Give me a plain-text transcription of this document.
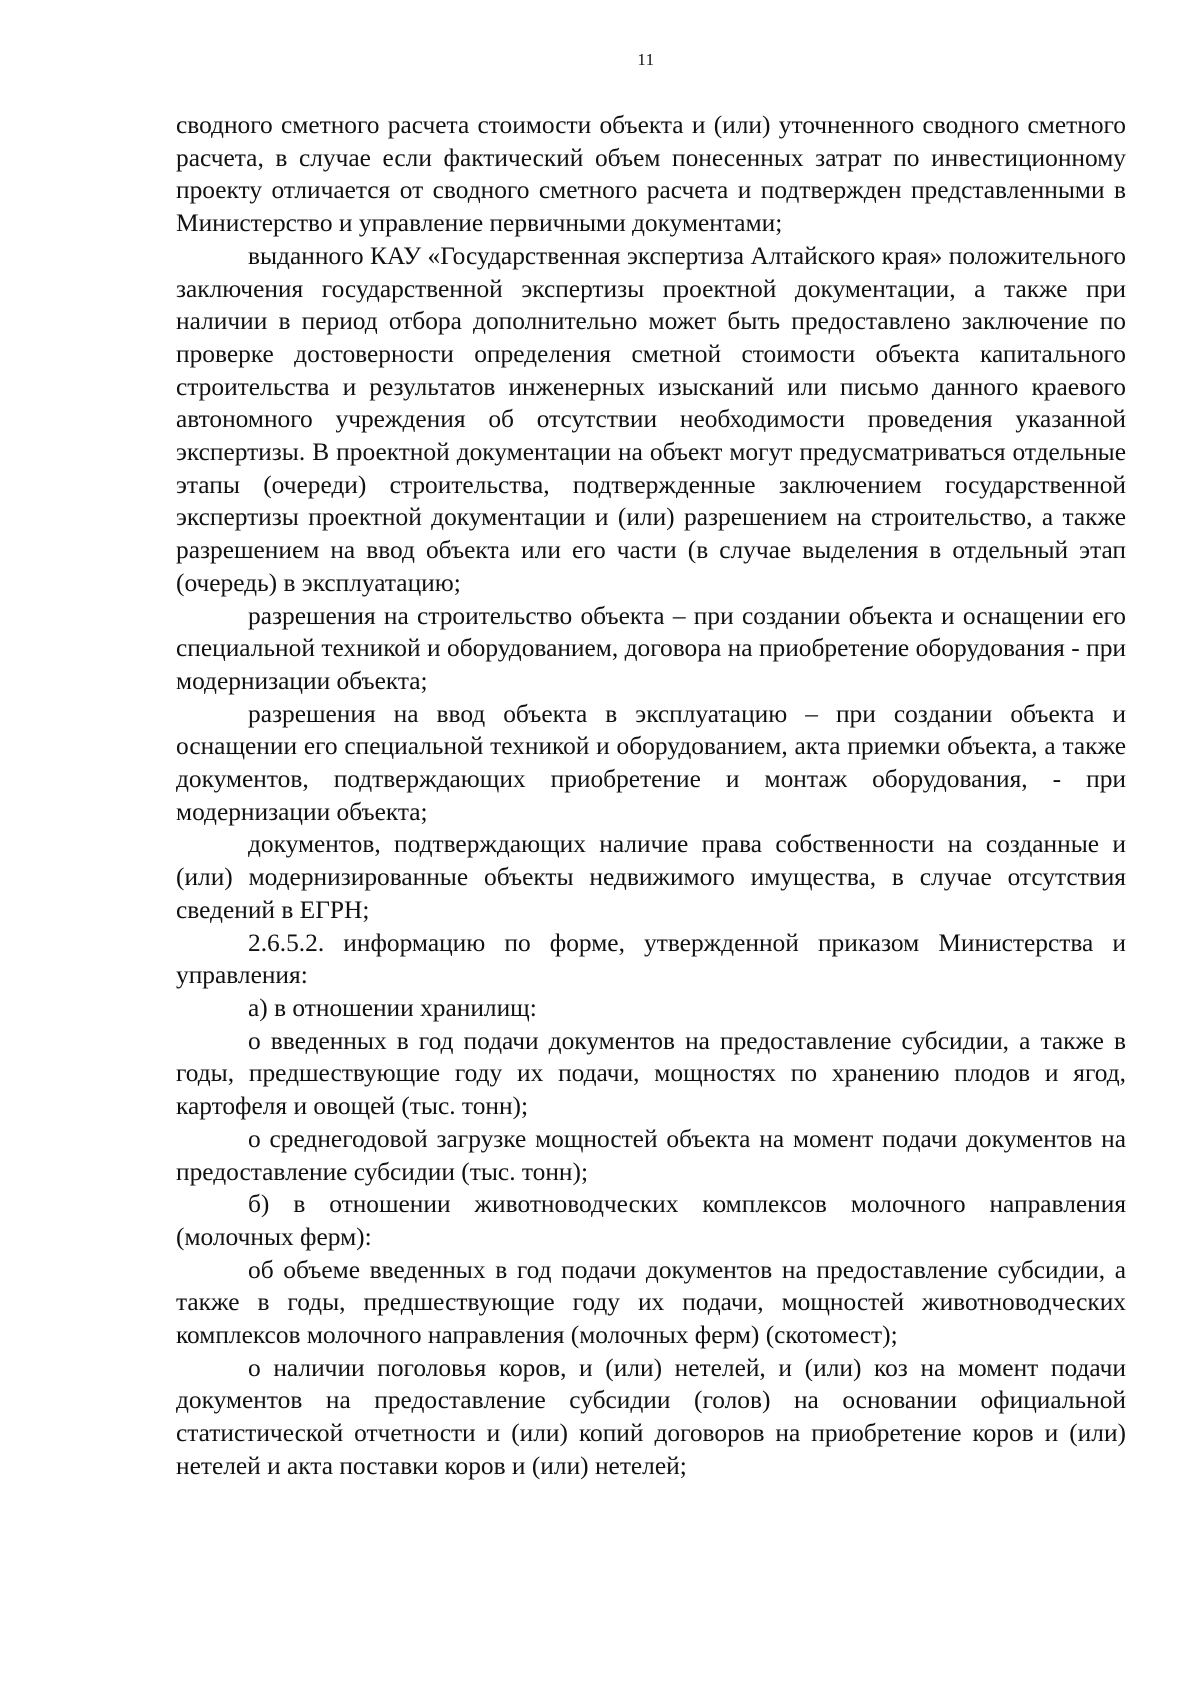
11

сводного сметного расчета стоимости объекта и (или) уточненного сводного сметного расчета, в случае если фактический объем понесенных затрат по инвестиционному проекту отличается от сводного сметного расчета и подтвержден представленными в Министерство и управление первичными документами;

выданного КАУ «Государственная экспертиза Алтайского края» положительного заключения государственной экспертизы проектной документации, а также при наличии в период отбора дополнительно может быть предоставлено заключение по проверке достоверности определения сметной стоимости объекта капитального строительства и результатов инженерных изысканий или письмо данного краевого автономного учреждения об отсутствии необходимости проведения указанной экспертизы. В проектной документации на объект могут предусматриваться отдельные этапы (очереди) строительства, подтвержденные заключением государственной экспертизы проектной документации и (или) разрешением на строительство, а также разрешением на ввод объекта или его части (в случае выделения в отдельный этап (очередь) в эксплуатацию;

разрешения на строительство объекта – при создании объекта и оснащении его специальной техникой и оборудованием, договора на приобретение оборудования - при модернизации объекта;

разрешения на ввод объекта в эксплуатацию – при создании объекта и оснащении его специальной техникой и оборудованием, акта приемки объекта, а также документов, подтверждающих приобретение и монтаж оборудования, - при модернизации объекта;

документов, подтверждающих наличие права собственности на созданные и (или) модернизированные объекты недвижимого имущества, в случае отсутствия сведений в ЕГРН;

2.6.5.2. информацию по форме, утвержденной приказом Министерства и управления:

а) в отношении хранилищ:

о введенных в год подачи документов на предоставление субсидии, а также в годы, предшествующие году их подачи, мощностях по хранению плодов и ягод, картофеля и овощей (тыс. тонн);

о среднегодовой загрузке мощностей объекта на момент подачи документов на предоставление субсидии (тыс. тонн);

б) в отношении животноводческих комплексов молочного направления (молочных ферм):

об объеме введенных в год подачи документов на предоставление субсидии, а также в годы, предшествующие году их подачи, мощностей животноводческих комплексов молочного направления (молочных ферм) (скотомест);

о наличии поголовья коров, и (или) нетелей, и (или) коз на момент подачи документов на предоставление субсидии (голов) на основании официальной статистической отчетности и (или) копий договоров на приобретение коров и (или) нетелей и акта поставки коров и (или) нетелей;
